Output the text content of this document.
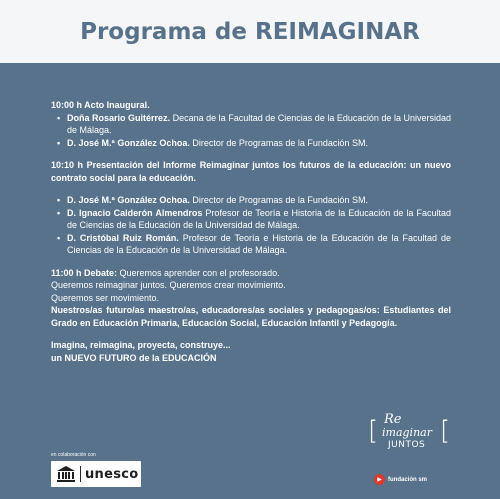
Programa de REIMAGINAR
10:00 h Acto Inaugural.
• Doña Rosario Guitérrez. Decana de la Facultad de Ciencias de la Educación de la Universidad de Málaga.
• D. José M.ª González Ochoa. Director de Programas de la Fundación SM.

10:10 h Presentación del Informe Reimaginar juntos los futuros de la educación: un nuevo contrato social para la educación.

• D. José M.ª González Ochoa. Director de Programas de la Fundación SM.
• D. Ignacio Calderón Almendros Profesor de Teoría e Historia de la Educación de la Facultad de Ciencias de la Educación de la Universidad de Málaga.
• D. Cristóbal Ruiz Román. Profesor de Teoría e Historia de la Educación de la Facultad de Ciencias de la Educación de la Universidad de Málaga.
11:00 h Debate: Queremos aprender con el profesorado.
Queremos reimaginar juntos. Queremos crear movimiento.
Queremos ser movimiento.

Nuestros/as futuro/as maestro/as, educadores/as sociales y pedagogas/os: Estudiantes del Grado en Educación Primaria, Educación Social, Educación Infantil y Pedagogía.

Imagina, reimagina, proyecta, construye...
un NUEVO FUTURO de la EDUCACIÓN
en colaboración con
unesco
[ Re
imaginar
JUNTOS [
▶	fundación sm
